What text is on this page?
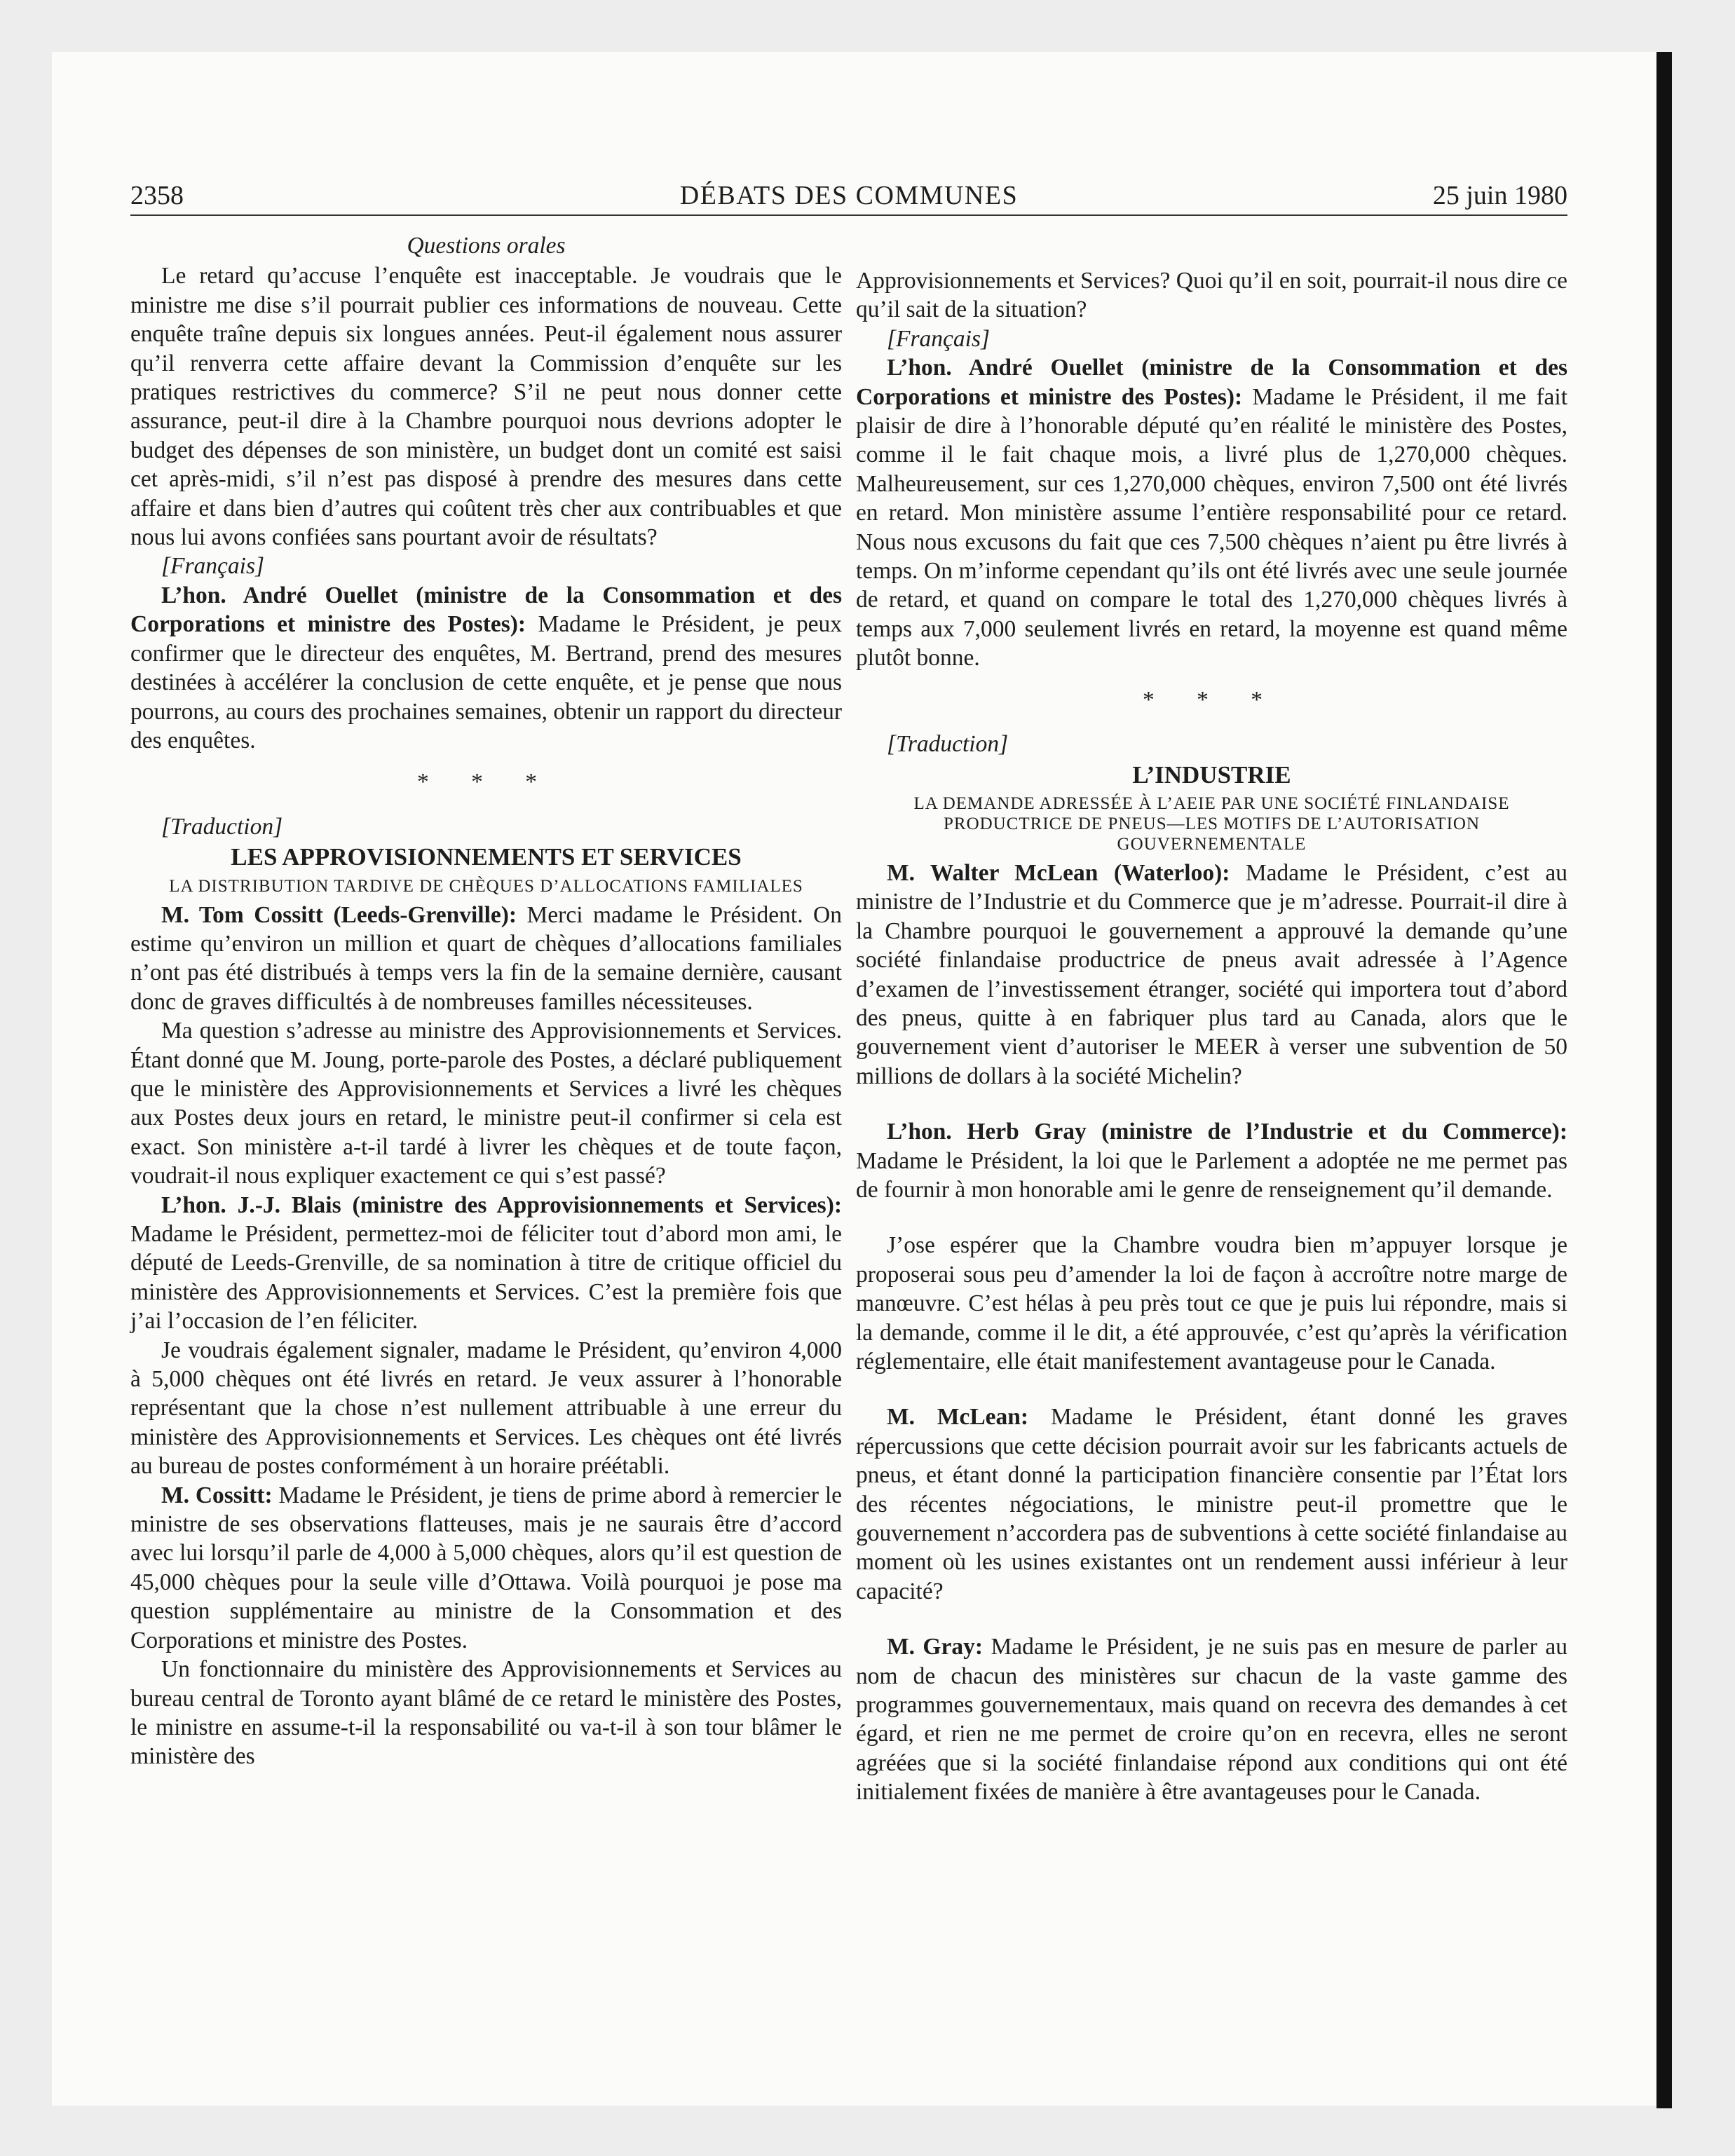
2358	DÉBATS DES COMMUNES	25 juin 1980
Questions orales

Le retard qu’accuse l’enquête est inacceptable. Je voudrais que le ministre me dise s’il pourrait publier ces informations de nouveau. Cette enquête traîne depuis six longues années. Peut-il également nous assurer qu’il renverra cette affaire devant la Commission d’enquête sur les pratiques restrictives du commerce? S’il ne peut nous donner cette assurance, peut-il dire à la Chambre pourquoi nous devrions adopter le budget des dépenses de son ministère, un budget dont un comité est saisi cet après-midi, s’il n’est pas disposé à prendre des mesures dans cette affaire et dans bien d’autres qui coûtent très cher aux contribuables et que nous lui avons confiées sans pourtant avoir de résultats?

[Français]

L’hon. André Ouellet (ministre de la Consommation et des Corporations et ministre des Postes): Madame le Président, je peux confirmer que le directeur des enquêtes, M. Bertrand, prend des mesures destinées à accélérer la conclusion de cette enquête, et je pense que nous pourrons, au cours des prochaines semaines, obtenir un rapport du directeur des enquêtes.

* * *

[Traduction]

LES APPROVISIONNEMENTS ET SERVICES
LA DISTRIBUTION TARDIVE DE CHÈQUES D’ALLOCATIONS FAMILIALES

M. Tom Cossitt (Leeds-Grenville): Merci madame le Président. On estime qu’environ un million et quart de chèques d’allocations familiales n’ont pas été distribués à temps vers la fin de la semaine dernière, causant donc de graves difficultés à de nombreuses familles nécessiteuses.

Ma question s’adresse au ministre des Approvisionnements et Services. Étant donné que M. Joung, porte-parole des Postes, a déclaré publiquement que le ministère des Approvisionnements et Services a livré les chèques aux Postes deux jours en retard, le ministre peut-il confirmer si cela est exact. Son ministère a-t-il tardé à livrer les chèques et de toute façon, voudrait-il nous expliquer exactement ce qui s’est passé?

L’hon. J.-J. Blais (ministre des Approvisionnements et Services): Madame le Président, permettez-moi de féliciter tout d’abord mon ami, le député de Leeds-Grenville, de sa nomination à titre de critique officiel du ministère des Approvisionnements et Services. C’est la première fois que j’ai l’occasion de l’en féliciter.

Je voudrais également signaler, madame le Président, qu’environ 4,000 à 5,000 chèques ont été livrés en retard. Je veux assurer à l’honorable représentant que la chose n’est nullement attribuable à une erreur du ministère des Approvisionnements et Services. Les chèques ont été livrés au bureau de postes conformément à un horaire préétabli.

M. Cossitt: Madame le Président, je tiens de prime abord à remercier le ministre de ses observations flatteuses, mais je ne saurais être d’accord avec lui lorsqu’il parle de 4,000 à 5,000 chèques, alors qu’il est question de 45,000 chèques pour la seule ville d’Ottawa. Voilà pourquoi je pose ma question supplémentaire au ministre de la Consommation et des Corporations et ministre des Postes.

Un fonctionnaire du ministère des Approvisionnements et Services au bureau central de Toronto ayant blâmé de ce retard le ministère des Postes, le ministre en assume-t-il la responsabilité ou va-t-il à son tour blâmer le ministère des

Approvisionnements et Services? Quoi qu’il en soit, pourrait-il nous dire ce qu’il sait de la situation?

[Français]

L’hon. André Ouellet (ministre de la Consommation et des Corporations et ministre des Postes): Madame le Président, il me fait plaisir de dire à l’honorable député qu’en réalité le ministère des Postes, comme il le fait chaque mois, a livré plus de 1,270,000 chèques. Malheureusement, sur ces 1,270,000 chèques, environ 7,500 ont été livrés en retard. Mon ministère assume l’entière responsabilité pour ce retard. Nous nous excusons du fait que ces 7,500 chèques n’aient pu être livrés à temps. On m’informe cependant qu’ils ont été livrés avec une seule journée de retard, et quand on compare le total des 1,270,000 chèques livrés à temps aux 7,000 seulement livrés en retard, la moyenne est quand même plutôt bonne.

* * *

[Traduction]

L’INDUSTRIE
LA DEMANDE ADRESSÉE À L’AEIE PAR UNE SOCIÉTÉ FINLANDAISE PRODUCTRICE DE PNEUS—LES MOTIFS DE L’AUTORISATION GOUVERNEMENTALE

M. Walter McLean (Waterloo): Madame le Président, c’est au ministre de l’Industrie et du Commerce que je m’adresse. Pourrait-il dire à la Chambre pourquoi le gouvernement a approuvé la demande qu’une société finlandaise productrice de pneus avait adressée à l’Agence d’examen de l’investissement étranger, société qui importera tout d’abord des pneus, quitte à en fabriquer plus tard au Canada, alors que le gouvernement vient d’autoriser le MEER à verser une subvention de 50 millions de dollars à la société Michelin?

L’hon. Herb Gray (ministre de l’Industrie et du Commerce): Madame le Président, la loi que le Parlement a adoptée ne me permet pas de fournir à mon honorable ami le genre de renseignement qu’il demande.

J’ose espérer que la Chambre voudra bien m’appuyer lorsque je proposerai sous peu d’amender la loi de façon à accroître notre marge de manœuvre. C’est hélas à peu près tout ce que je puis lui répondre, mais si la demande, comme il le dit, a été approuvée, c’est qu’après la vérification réglementaire, elle était manifestement avantageuse pour le Canada.

M. McLean: Madame le Président, étant donné les graves répercussions que cette décision pourrait avoir sur les fabricants actuels de pneus, et étant donné la participation financière consentie par l’État lors des récentes négociations, le ministre peut-il promettre que le gouvernement n’accordera pas de subventions à cette société finlandaise au moment où les usines existantes ont un rendement aussi inférieur à leur capacité?

M. Gray: Madame le Président, je ne suis pas en mesure de parler au nom de chacun des ministères sur chacun de la vaste gamme des programmes gouvernementaux, mais quand on recevra des demandes à cet égard, et rien ne me permet de croire qu’on en recevra, elles ne seront agréées que si la société finlandaise répond aux conditions qui ont été initialement fixées de manière à être avantageuses pour le Canada.
